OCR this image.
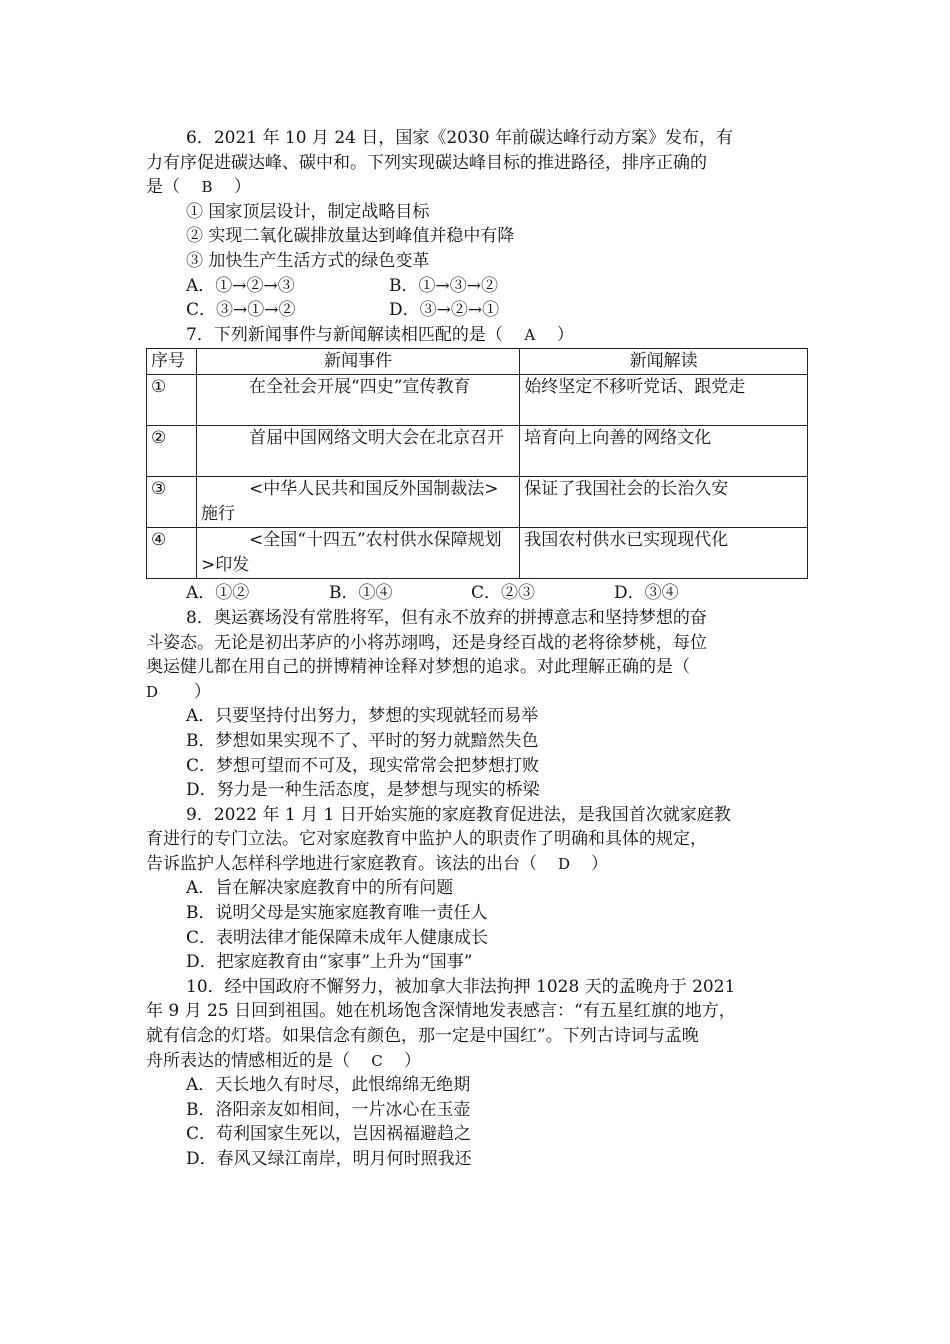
6．2021 年 10 月 24 日，国家《2030 年前碳达峰行动方案》发布，有
力有序促进碳达峰、碳中和。下列实现碳达峰目标的推进路径，排序正确的
是（ B ）
① 国家顶层设计，制定战略目标
② 实现二氧化碳排放量达到峰值并稳中有降
③ 加快生产生活方式的绿色变革
A．①→②→③	B．①→③→②
C．③→①→②	D．③→②→①
7．下列新闻事件与新闻解读相匹配的是（ A ）
序号	新闻事件	新闻解读
①	在全社会开展“四史”宣传教育	始终坚定不移听党话、跟党走
②	首届中国网络文明大会在北京召开	培育向上向善的网络文化
③	<中华人民共和国反外国制裁法>施行	保证了我国社会的长治久安
④	<全国“十四五”农村供水保障规划>印发	我国农村供水已实现现代化
A．①②	B．①④	C．②③	D．③④
8．奥运赛场没有常胜将军，但有永不放弃的拼搏意志和坚持梦想的奋
斗姿态。无论是初出茅庐的小将苏翊鸣，还是身经百战的老将徐梦桃，每位
奥运健儿都在用自己的拼博精神诠释对梦想的追求。对此理解正确的是（
D ）
A．只要坚持付出努力，梦想的实现就轻而易举
B．梦想如果实现不了、平时的努力就黯然失色
C．梦想可望而不可及，现实常常会把梦想打败
D．努力是一种生活态度，是梦想与现实的桥梁
9．2022 年 1 月 1 日开始实施的家庭教育促进法，是我国首次就家庭教
育进行的专门立法。它对家庭教育中监护人的职责作了明确和具体的规定，
告诉监护人怎样科学地进行家庭教育。该法的出台（ D ）
A．旨在解决家庭教育中的所有问题
B．说明父母是实施家庭教育唯一责任人
C．表明法律才能保障未成年人健康成长
D．把家庭教育由“家事”上升为“国事”
10．经中国政府不懈努力，被加拿大非法拘押 1028 天的孟晚舟于 2021
年 9 月 25 日回到祖国。她在机场饱含深情地发表感言：“有五星红旗的地方，
就有信念的灯塔。如果信念有颜色，那一定是中国红”。下列古诗词与孟晚
舟所表达的情感相近的是（ C ）
A．天长地久有时尽，此恨绵绵无绝期
B．洛阳亲友如相间，一片冰心在玉壶
C．苟利国家生死以，岂因祸福避趋之
D．春风又绿江南岸，明月何时照我还
